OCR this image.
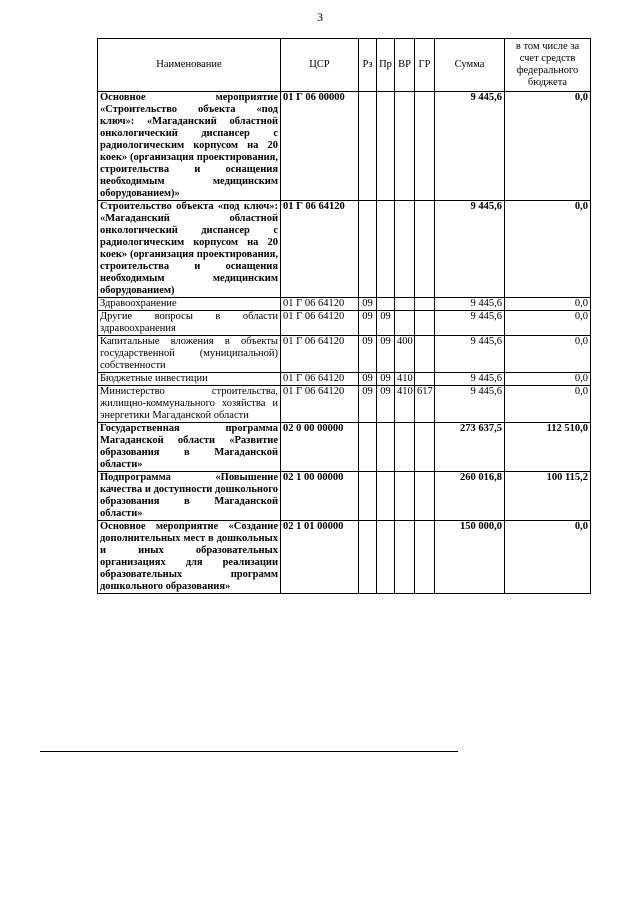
3
Наименование	ЦСР	Рз	Пр	ВР	ГР	Сумма	в том числе за счет средств федерального бюджета
Основное мероприятие «Строительство объекта «под ключ»: «Магаданский областной онкологический диспансер с радиологическим корпусом на 20 коек» (организация проектирования, строительства и оснащения необходимым медицинским оборудованием)»	01 Г 06 00000					9 445,6	0,0
Строительство объекта «под ключ»: «Магаданский областной онкологический диспансер с радиологическим корпусом на 20 коек» (организация проектирования, строительства и оснащения необходимым медицинским оборудованием)	01 Г 06 64120					9 445,6	0,0
Здравоохранение	01 Г 06 64120	09				9 445,6	0,0
Другие вопросы в области здравоохранения	01 Г 06 64120	09	09			9 445,6	0,0
Капитальные вложения в объекты государственной (муниципальной) собственности	01 Г 06 64120	09	09	400		9 445,6	0,0
Бюджетные инвестиции	01 Г 06 64120	09	09	410		9 445,6	0,0
Министерство строительства, жилищно-коммунального хозяйства и энергетики Магаданской области	01 Г 06 64120	09	09	410	617	9 445,6	0,0
Государственная программа Магаданской области «Развитие образования в Магаданской области»	02 0 00 00000					273 637,5	112 510,0
Подпрограмма «Повышение качества и доступности дошкольного образования в Магаданской области»	02 1 00 00000					260 016,8	100 115,2
Основное мероприятие «Создание дополнительных мест в дошкольных и иных образовательных организациях для реализации образовательных программ дошкольного образования»	02 1 01 00000					150 000,0	0,0
